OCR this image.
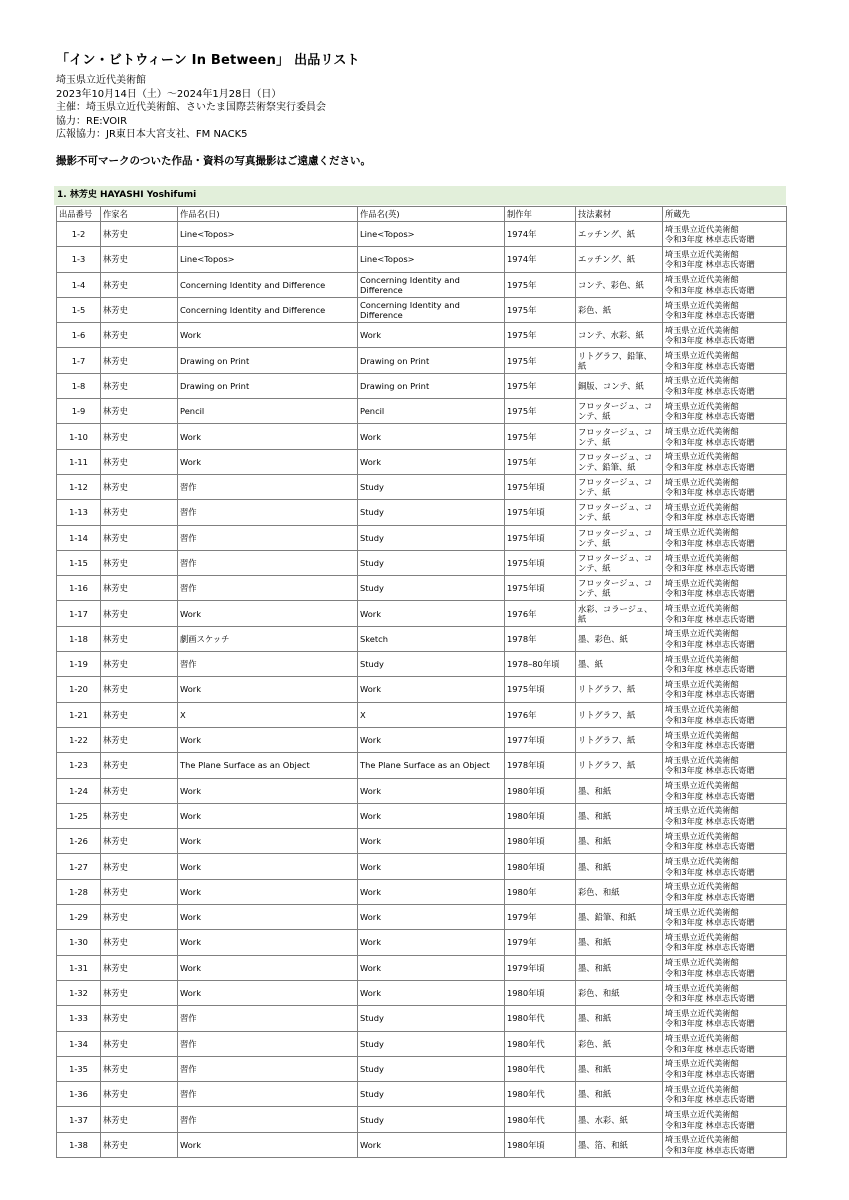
「イン・ビトウィーン In Between」 出品リスト
埼玉県立近代美術館
2023年10月14日（土）～2024年1月28日（日）
主催：埼玉県立近代美術館、さいたま国際芸術祭実行委員会
協力：RE:VOIR
広報協力：JR東日本大宮支社、FM NACK5
撮影不可マークのついた作品・資料の写真撮影はご遠慮ください。
1. 林芳史 HAYASHI Yoshifumi
出品番号	作家名	作品名(日)	作品名(英)	制作年	技法素材	所蔵先
1-2	林芳史	Line<Topos>	Line<Topos>	1974年	エッチング、紙	埼玉県立近代美術館
令和3年度 林卓志氏寄贈

1-3	林芳史	Line<Topos>	Line<Topos>	1974年	エッチング、紙	埼玉県立近代美術館
令和3年度 林卓志氏寄贈

1-4	林芳史	Concerning Identity and Difference	Concerning Identity and Difference	1975年	コンテ、彩色、紙	埼玉県立近代美術館
令和3年度 林卓志氏寄贈

1-5	林芳史	Concerning Identity and Difference	Concerning Identity and Difference	1975年	彩色、紙	埼玉県立近代美術館
令和3年度 林卓志氏寄贈

1-6	林芳史	Work	Work	1975年	コンテ、水彩、紙	埼玉県立近代美術館
令和3年度 林卓志氏寄贈

1-7	林芳史	Drawing on Print	Drawing on Print	1975年	リトグラフ、鉛筆、紙	埼玉県立近代美術館
令和3年度 林卓志氏寄贈

1-8	林芳史	Drawing on Print	Drawing on Print	1975年	銅版、コンテ、紙	埼玉県立近代美術館
令和3年度 林卓志氏寄贈

1-9	林芳史	Pencil	Pencil	1975年	フロッタージュ、コンテ、紙	埼玉県立近代美術館
令和3年度 林卓志氏寄贈

1-10	林芳史	Work	Work	1975年	フロッタージュ、コンテ、紙	埼玉県立近代美術館
令和3年度 林卓志氏寄贈

1-11	林芳史	Work	Work	1975年	フロッタージュ、コンテ、鉛筆、紙	埼玉県立近代美術館
令和3年度 林卓志氏寄贈

1-12	林芳史	習作	Study	1975年頃	フロッタージュ、コンテ、紙	埼玉県立近代美術館
令和3年度 林卓志氏寄贈

1-13	林芳史	習作	Study	1975年頃	フロッタージュ、コンテ、紙	埼玉県立近代美術館
令和3年度 林卓志氏寄贈

1-14	林芳史	習作	Study	1975年頃	フロッタージュ、コンテ、紙	埼玉県立近代美術館
令和3年度 林卓志氏寄贈

1-15	林芳史	習作	Study	1975年頃	フロッタージュ、コンテ、紙	埼玉県立近代美術館
令和3年度 林卓志氏寄贈

1-16	林芳史	習作	Study	1975年頃	フロッタージュ、コンテ、紙	埼玉県立近代美術館
令和3年度 林卓志氏寄贈

1-17	林芳史	Work	Work	1976年	水彩、コラージュ、紙	埼玉県立近代美術館
令和3年度 林卓志氏寄贈

1-18	林芳史	劇画スケッチ	Sketch	1978年	墨、彩色、紙	埼玉県立近代美術館
令和3年度 林卓志氏寄贈

1-19	林芳史	習作	Study	1978–80年頃	墨、紙	埼玉県立近代美術館
令和3年度 林卓志氏寄贈

1-20	林芳史	Work	Work	1975年頃	リトグラフ、紙	埼玉県立近代美術館
令和3年度 林卓志氏寄贈

1-21	林芳史	X	X	1976年	リトグラフ、紙	埼玉県立近代美術館
令和3年度 林卓志氏寄贈

1-22	林芳史	Work	Work	1977年頃	リトグラフ、紙	埼玉県立近代美術館
令和3年度 林卓志氏寄贈

1-23	林芳史	The Plane Surface as an Object	The Plane Surface as an Object	1978年頃	リトグラフ、紙	埼玉県立近代美術館
令和3年度 林卓志氏寄贈

1-24	林芳史	Work	Work	1980年頃	墨、和紙	埼玉県立近代美術館
令和3年度 林卓志氏寄贈

1-25	林芳史	Work	Work	1980年頃	墨、和紙	埼玉県立近代美術館
令和3年度 林卓志氏寄贈

1-26	林芳史	Work	Work	1980年頃	墨、和紙	埼玉県立近代美術館
令和3年度 林卓志氏寄贈

1-27	林芳史	Work	Work	1980年頃	墨、和紙	埼玉県立近代美術館
令和3年度 林卓志氏寄贈

1-28	林芳史	Work	Work	1980年	彩色、和紙	埼玉県立近代美術館
令和3年度 林卓志氏寄贈

1-29	林芳史	Work	Work	1979年	墨、鉛筆、和紙	埼玉県立近代美術館
令和3年度 林卓志氏寄贈

1-30	林芳史	Work	Work	1979年	墨、和紙	埼玉県立近代美術館
令和3年度 林卓志氏寄贈

1-31	林芳史	Work	Work	1979年頃	墨、和紙	埼玉県立近代美術館
令和3年度 林卓志氏寄贈

1-32	林芳史	Work	Work	1980年頃	彩色、和紙	埼玉県立近代美術館
令和3年度 林卓志氏寄贈

1-33	林芳史	習作	Study	1980年代	墨、和紙	埼玉県立近代美術館
令和3年度 林卓志氏寄贈

1-34	林芳史	習作	Study	1980年代	彩色、紙	埼玉県立近代美術館
令和3年度 林卓志氏寄贈

1-35	林芳史	習作	Study	1980年代	墨、和紙	埼玉県立近代美術館
令和3年度 林卓志氏寄贈

1-36	林芳史	習作	Study	1980年代	墨、和紙	埼玉県立近代美術館
令和3年度 林卓志氏寄贈

1-37	林芳史	習作	Study	1980年代	墨、水彩、紙	埼玉県立近代美術館
令和3年度 林卓志氏寄贈

1-38	林芳史	Work	Work	1980年頃	墨、箔、和紙	埼玉県立近代美術館
令和3年度 林卓志氏寄贈
